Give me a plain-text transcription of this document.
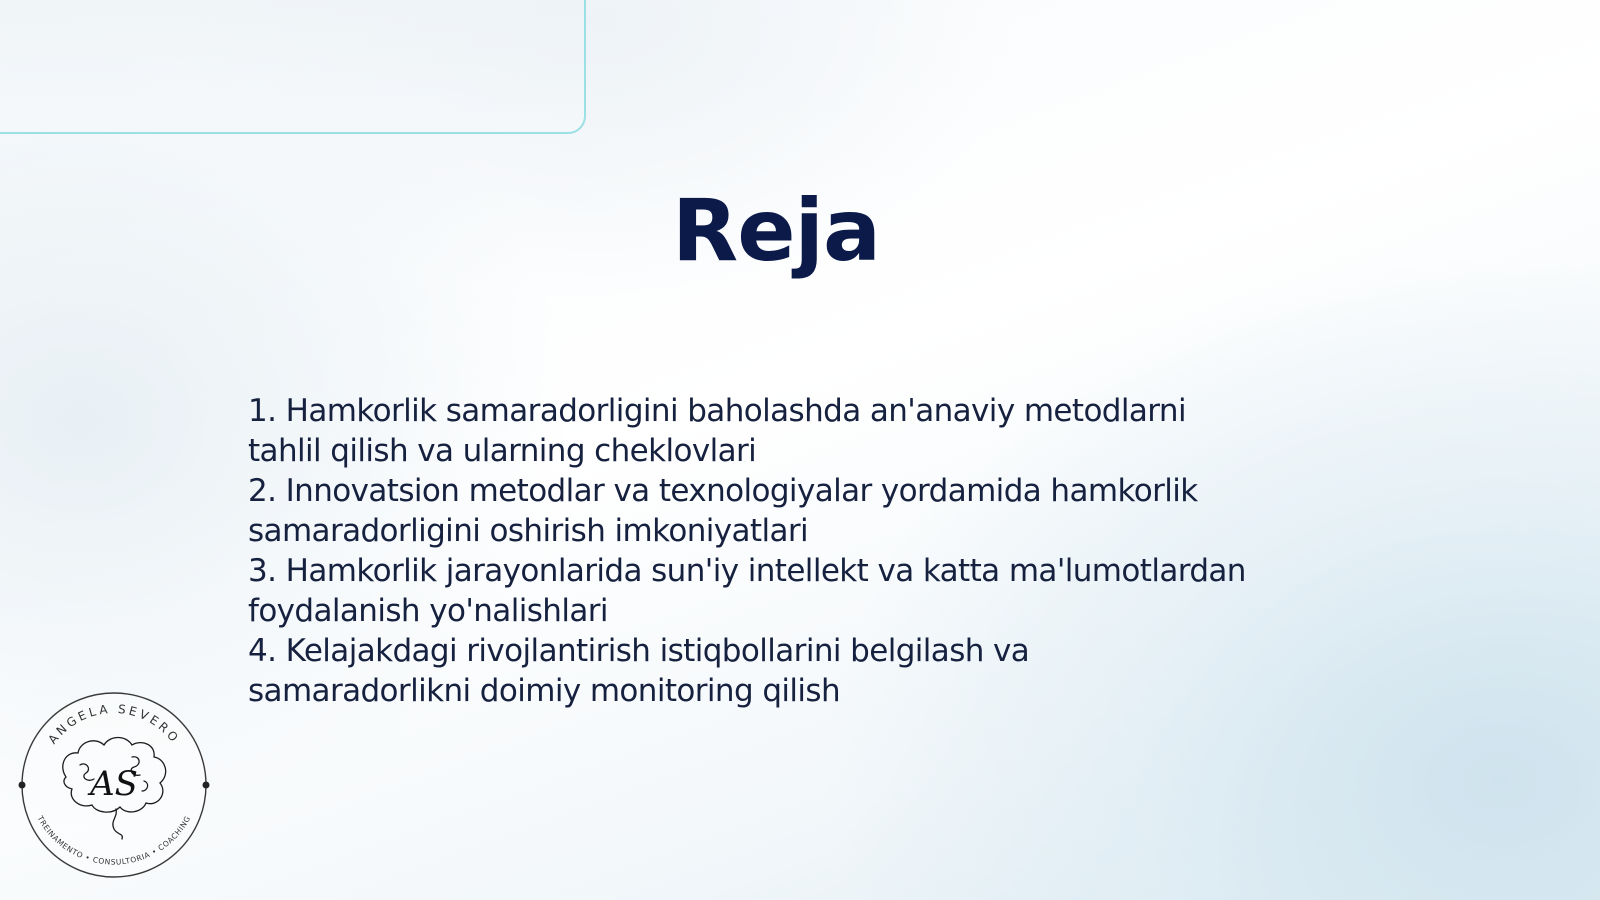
Reja
1. Hamkorlik samaradorligini baholashda an'anaviy metodlarni tahlil qilish va ularning cheklovlari
2. Innovatsion metodlar va texnologiyalar yordamida hamkorlik samaradorligini oshirish imkoniyatlari
3. Hamkorlik jarayonlarida sun'iy intellekt va katta ma'lumotlardan foydalanish yo'nalishlari
4. Kelajakdagi rivojlantirish istiqbollarini belgilash va samaradorlikni doimiy monitoring qilish
ANGELA SEVERO
TREINAMENTO • CONSULTORIA • COACHING
AS
